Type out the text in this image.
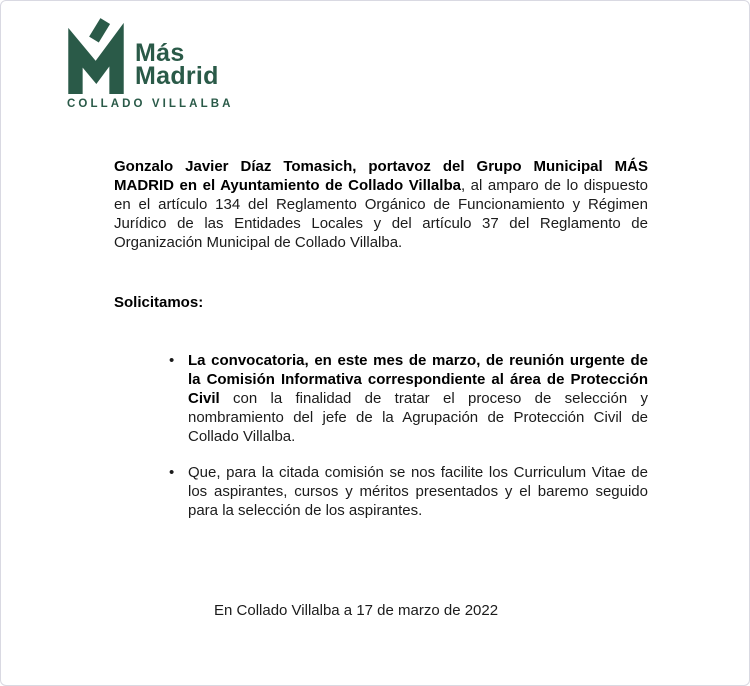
Más
Madrid
COLLADO VILLALBA

Gonzalo Javier Díaz Tomasich, portavoz del Grupo Municipal MÁS MADRID en el Ayuntamiento de Collado Villalba, al amparo de lo dispuesto en el artículo 134 del Reglamento Orgánico de Funcionamiento y Régimen Jurídico de las Entidades Locales y del artículo 37 del Reglamento de Organización Municipal de Collado Villalba.

Solicitamos:

• La convocatoria, en este mes de marzo, de reunión urgente de la Comisión Informativa correspondiente al área de Protección Civil con la finalidad de tratar el proceso de selección y nombramiento del jefe de la Agrupación de Protección Civil de Collado Villalba.
• Que, para la citada comisión se nos facilite los Curriculum Vitae de los aspirantes, cursos y méritos presentados y el baremo seguido para la selección de los aspirantes.

En Collado Villalba a 17 de marzo de 2022
